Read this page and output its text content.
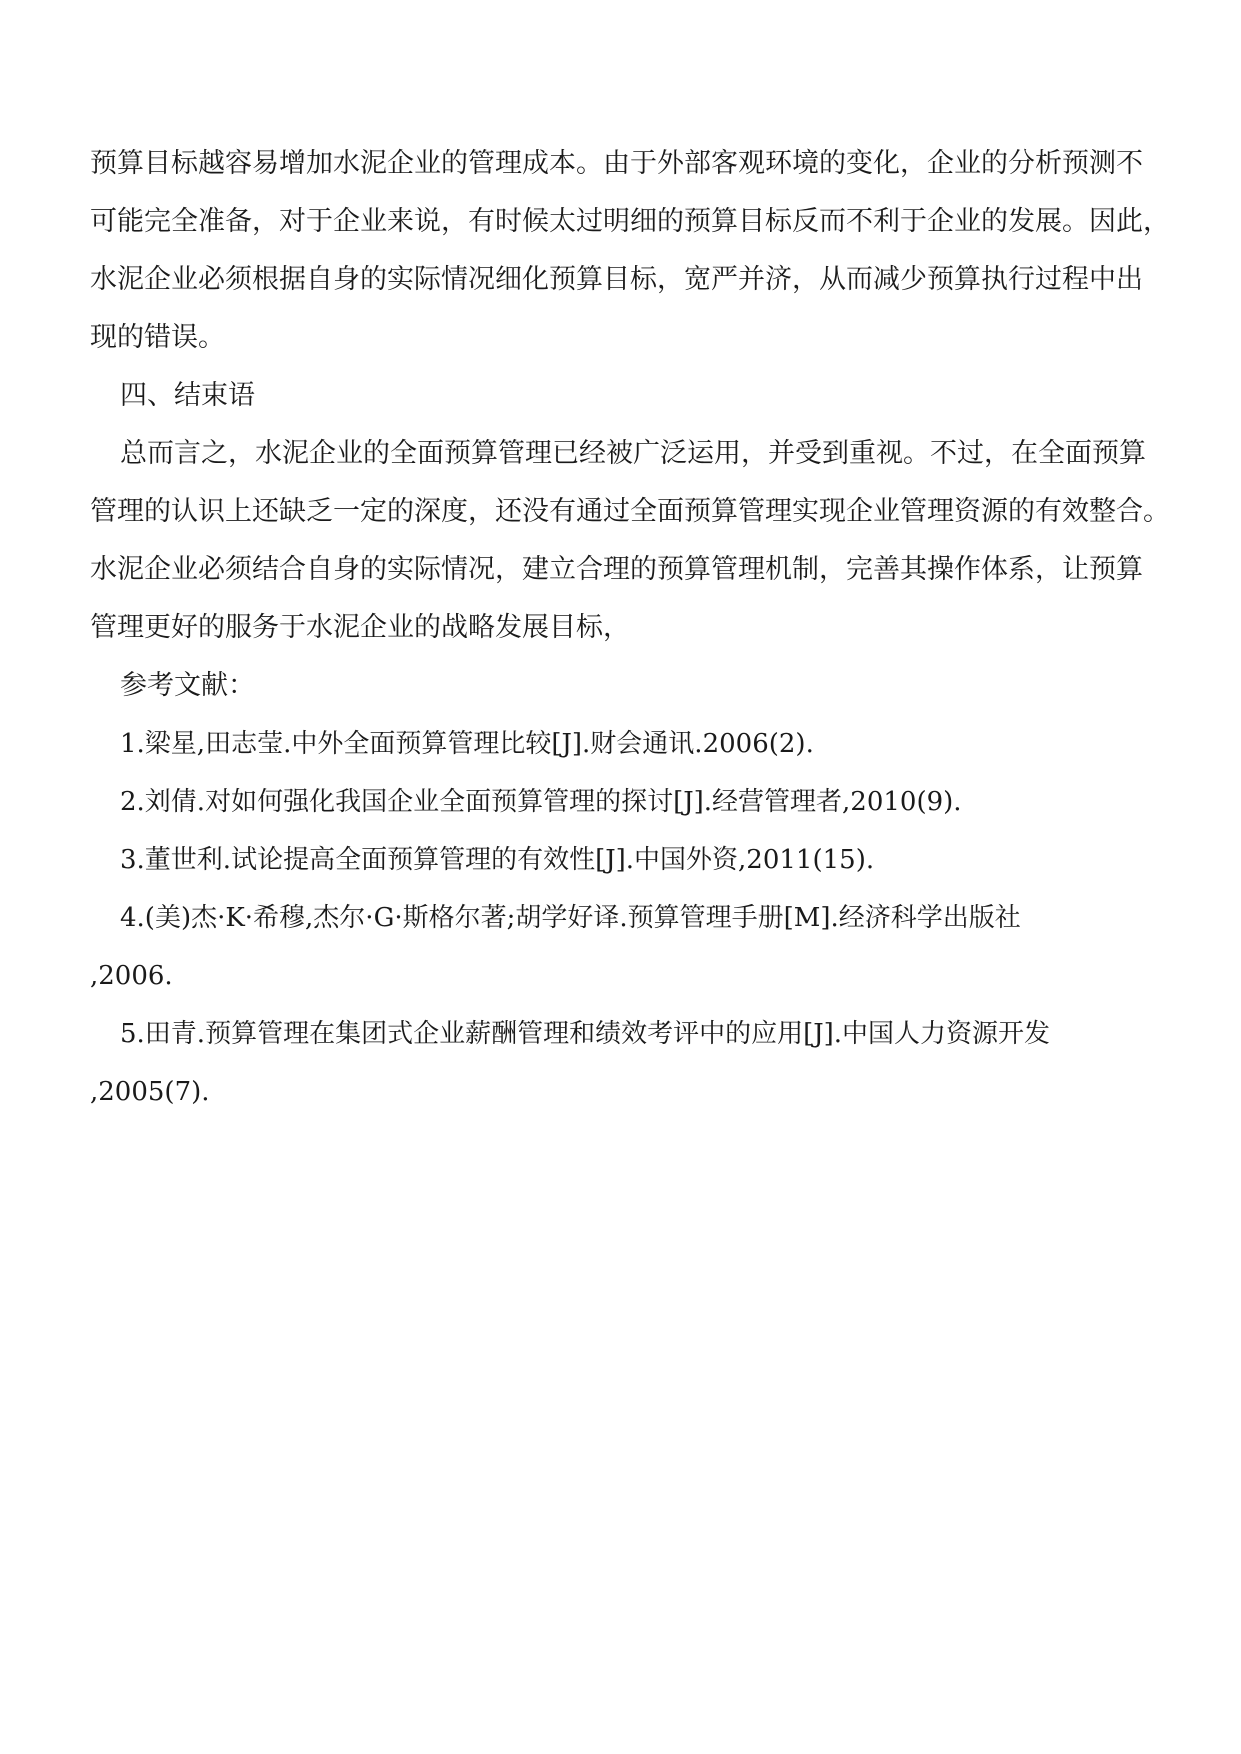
预算目标越容易增加水泥企业的管理成本。由于外部客观环境的变化，企业的分析预测不
可能完全准备，对于企业来说，有时候太过明细的预算目标反而不利于企业的发展。因此，
水泥企业必须根据自身的实际情况细化预算目标，宽严并济，从而减少预算执行过程中出
现的错误。
四、结束语
总而言之，水泥企业的全面预算管理已经被广泛运用，并受到重视。不过，在全面预算
管理的认识上还缺乏一定的深度，还没有通过全面预算管理实现企业管理资源的有效整合。
水泥企业必须结合自身的实际情况，建立合理的预算管理机制，完善其操作体系，让预算
管理更好的服务于水泥企业的战略发展目标，
参考文献：
1.梁星,田志莹.中外全面预算管理比较[J].财会通讯.2006(2).
2.刘倩.对如何强化我国企业全面预算管理的探讨[J].经营管理者,2010(9).
3.董世利.试论提高全面预算管理的有效性[J].中国外资,2011(15).
4.(美)杰·K·希穆,杰尔·G·斯格尔著;胡学好译.预算管理手册[M].经济科学出版社
,2006.
5.田青.预算管理在集团式企业薪酬管理和绩效考评中的应用[J].中国人力资源开发
,2005(7).
